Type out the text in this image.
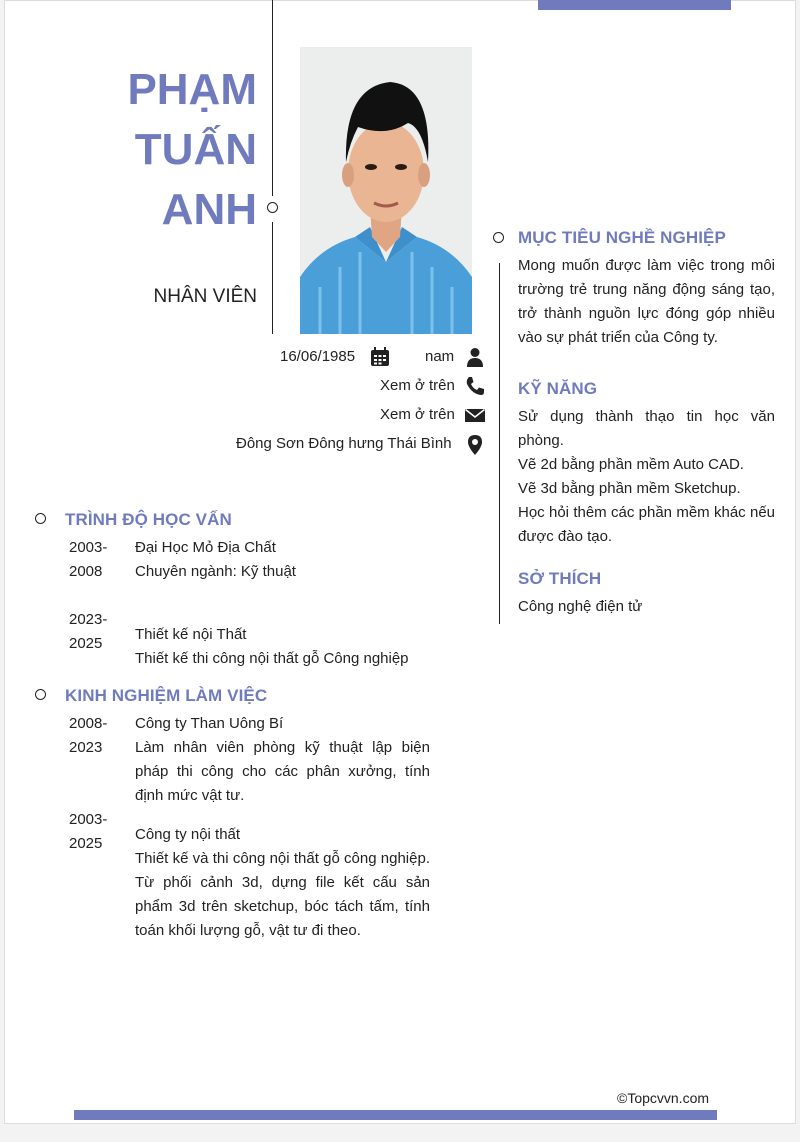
PHẠM
TUẤN
ANH
NHÂN VIÊN
16/06/1985	nam
Xem ở trên
Xem ở trên
Đông Sơn Đông hưng Thái Bình
TRÌNH ĐỘ HỌC VẤN
2003-
2008
Đại Học Mỏ Địa Chất
Chuyên ngành: Kỹ thuật
2023-
2025
Thiết kế nội Thất
Thiết kế thi công nội thất gỗ Công nghiệp
KINH NGHIỆM LÀM VIỆC
2008-
2023
Công ty Than Uông Bí
Làm nhân viên phòng kỹ thuật lập biện pháp thi công cho các phân xưởng, tính định mức vật tư.
2003-
2025
Công ty nội thất
Thiết kế và thi công nội thất gỗ công nghiệp. Từ phối cảnh 3d, dựng file kết cấu sản phẩm 3d trên sketchup, bóc tách tấm, tính toán khối lượng gỗ, vật tư đi theo.
MỤC TIÊU NGHỀ NGHIỆP
Mong muốn được làm việc trong môi trường trẻ trung năng động sáng tạo, trở thành nguồn lực đóng góp nhiều vào sự phát triển của Công ty.
KỸ NĂNG
Sử dụng thành thạo tin học văn phòng.
Vẽ 2d bằng phần mềm Auto CAD.
Vẽ 3d bằng phần mềm Sketchup.
Học hỏi thêm các phần mềm khác nếu được đào tạo.
SỞ THÍCH
Công nghệ điện tử
©Topcvvn.com
